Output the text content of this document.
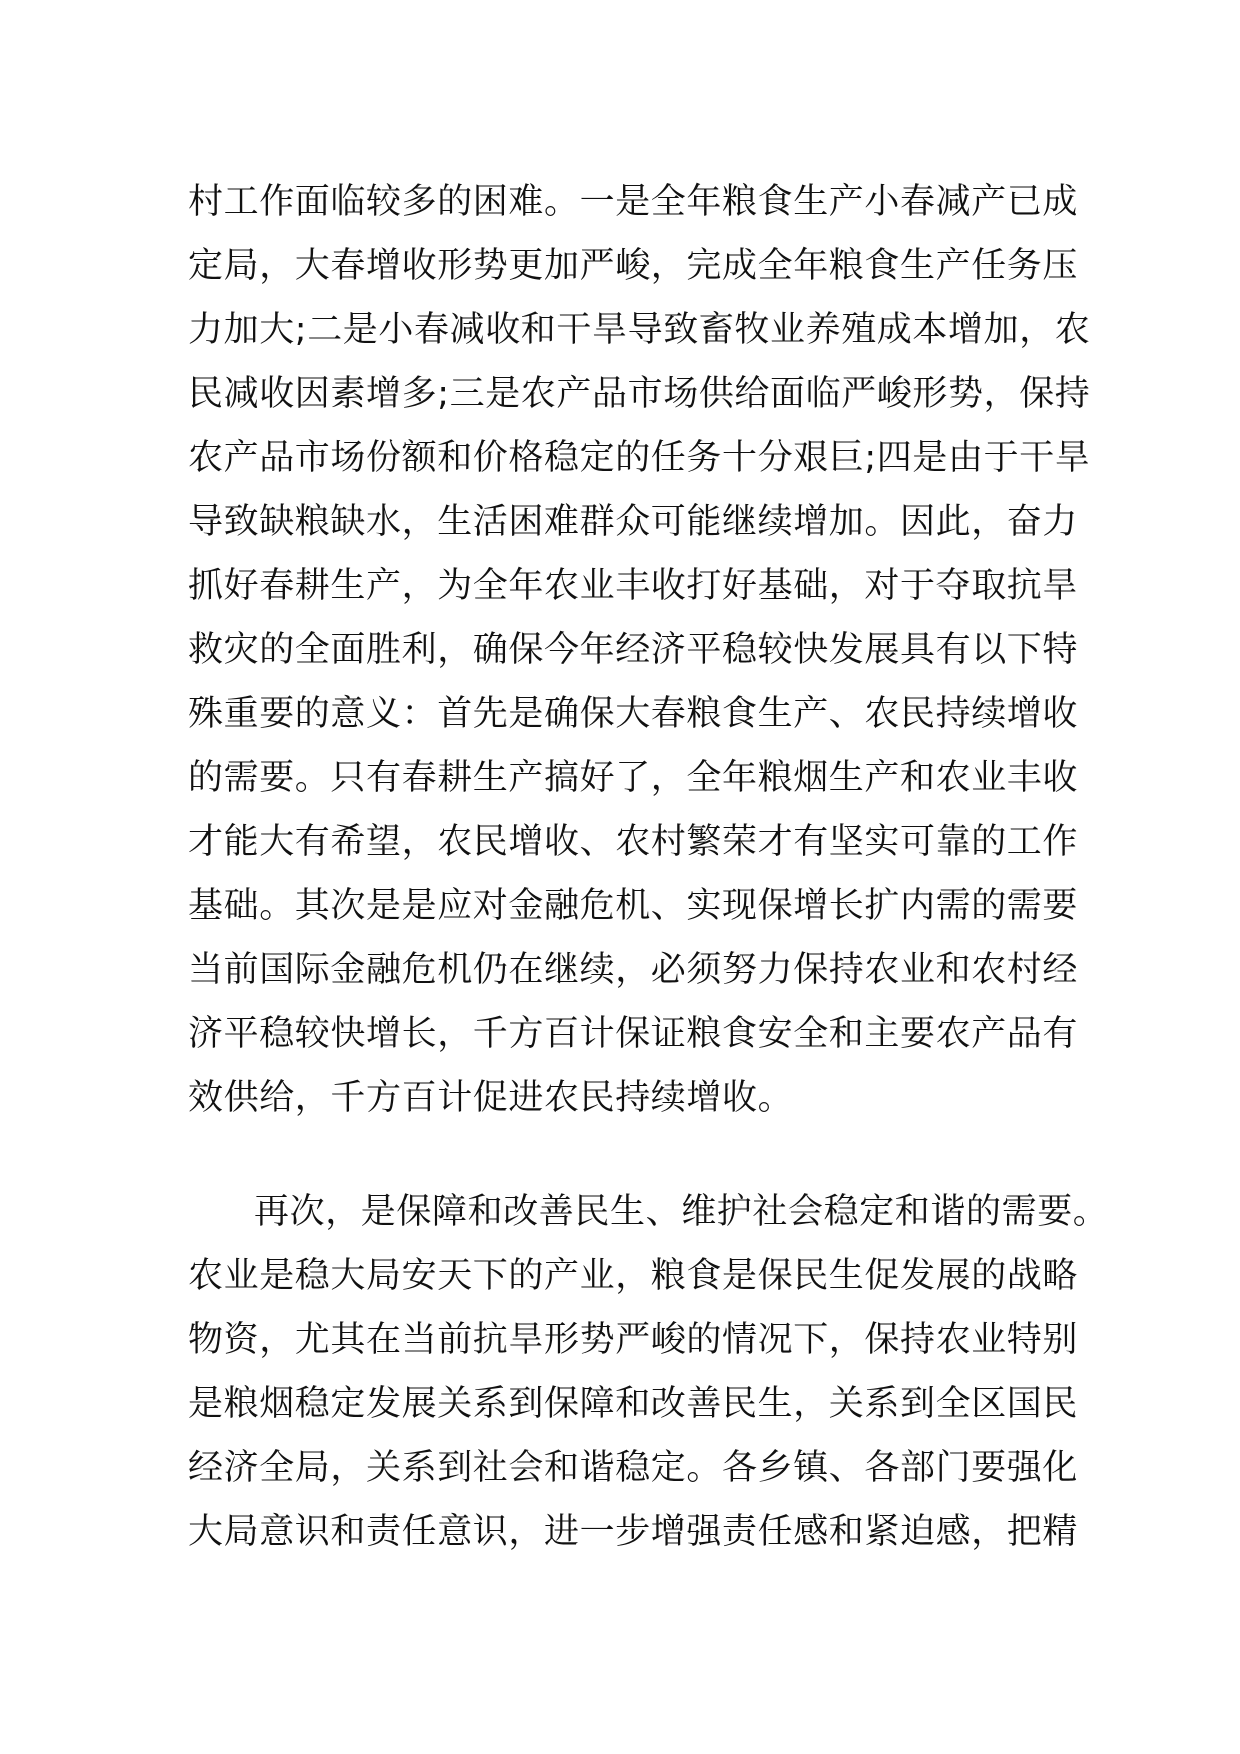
村工作面临较多的困难。一是全年粮食生产小春减产已成
定局，大春增收形势更加严峻，完成全年粮食生产任务压
力加大;二是小春减收和干旱导致畜牧业养殖成本增加，农
民减收因素增多;三是农产品市场供给面临严峻形势，保持
农产品市场份额和价格稳定的任务十分艰巨;四是由于干旱
导致缺粮缺水，生活困难群众可能继续增加。因此，奋力
抓好春耕生产，为全年农业丰收打好基础，对于夺取抗旱
救灾的全面胜利，确保今年经济平稳较快发展具有以下特
殊重要的意义：首先是确保大春粮食生产、农民持续增收
的需要。只有春耕生产搞好了，全年粮烟生产和农业丰收
才能大有希望，农民增收、农村繁荣才有坚实可靠的工作
基础。其次是是应对金融危机、实现保增长扩内需的需要
当前国际金融危机仍在继续，必须努力保持农业和农村经
济平稳较快增长，千方百计保证粮食安全和主要农产品有
效供给，千方百计促进农民持续增收。
再次，是保障和改善民生、维护社会稳定和谐的需要。
农业是稳大局安天下的产业，粮食是保民生促发展的战略
物资，尤其在当前抗旱形势严峻的情况下，保持农业特别
是粮烟稳定发展关系到保障和改善民生，关系到全区国民
经济全局，关系到社会和谐稳定。各乡镇、各部门要强化
大局意识和责任意识，进一步增强责任感和紧迫感，把精
